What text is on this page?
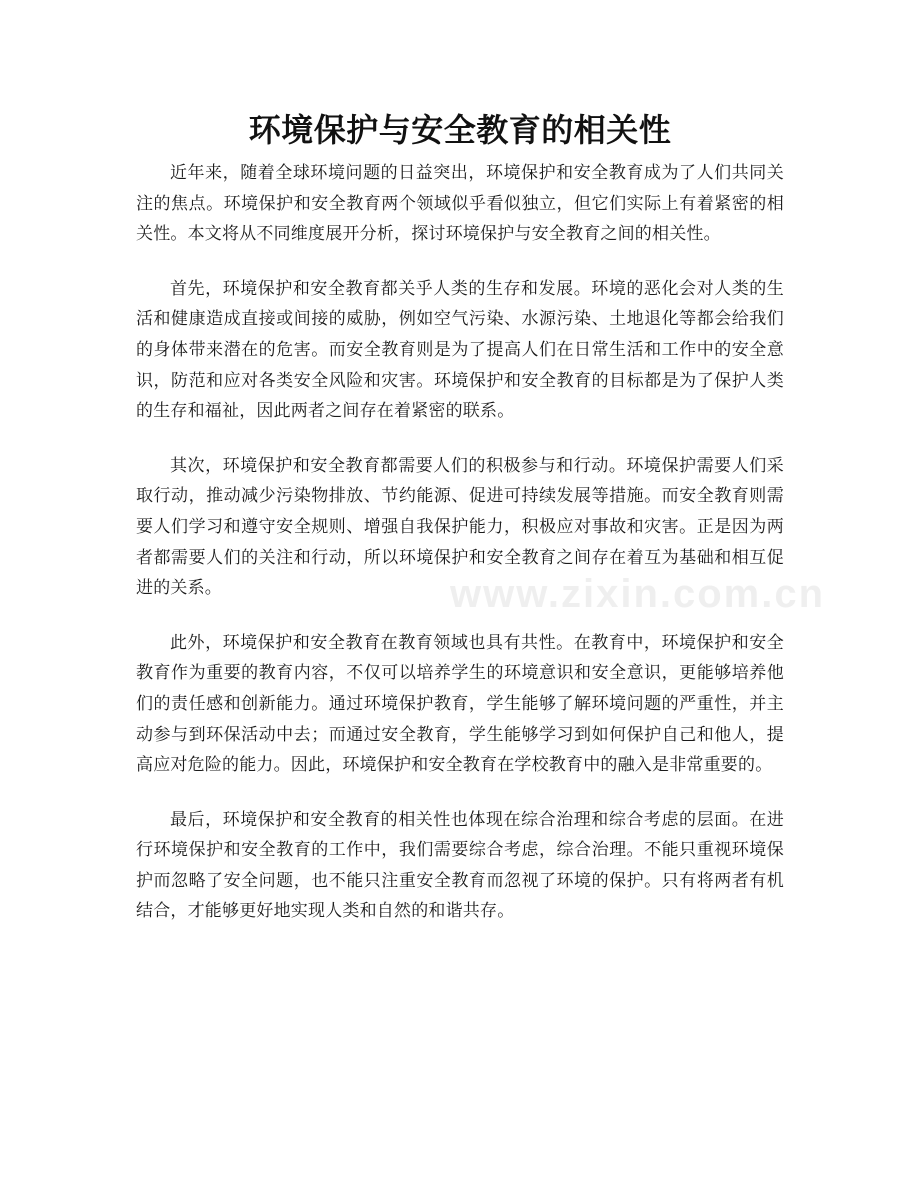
环境保护与安全教育的相关性

近年来，随着全球环境问题的日益突出，环境保护和安全教育成为了人们共同关注的焦点。环境保护和安全教育两个领域似乎看似独立，但它们实际上有着紧密的相关性。本文将从不同维度展开分析，探讨环境保护与安全教育之间的相关性。

首先，环境保护和安全教育都关乎人类的生存和发展。环境的恶化会对人类的生活和健康造成直接或间接的威胁，例如空气污染、水源污染、土地退化等都会给我们的身体带来潜在的危害。而安全教育则是为了提高人们在日常生活和工作中的安全意识，防范和应对各类安全风险和灾害。环境保护和安全教育的目标都是为了保护人类的生存和福祉，因此两者之间存在着紧密的联系。

其次，环境保护和安全教育都需要人们的积极参与和行动。环境保护需要人们采取行动，推动减少污染物排放、节约能源、促进可持续发展等措施。而安全教育则需要人们学习和遵守安全规则、增强自我保护能力，积极应对事故和灾害。正是因为两者都需要人们的关注和行动，所以环境保护和安全教育之间存在着互为基础和相互促进的关系。

此外，环境保护和安全教育在教育领域也具有共性。在教育中，环境保护和安全教育作为重要的教育内容，不仅可以培养学生的环境意识和安全意识，更能够培养他们的责任感和创新能力。通过环境保护教育，学生能够了解环境问题的严重性，并主动参与到环保活动中去；而通过安全教育，学生能够学习到如何保护自己和他人，提高应对危险的能力。因此，环境保护和安全教育在学校教育中的融入是非常重要的。

最后，环境保护和安全教育的相关性也体现在综合治理和综合考虑的层面。在进行环境保护和安全教育的工作中，我们需要综合考虑，综合治理。不能只重视环境保护而忽略了安全问题，也不能只注重安全教育而忽视了环境的保护。只有将两者有机结合，才能够更好地实现人类和自然的和谐共存。

www.zixin.com.cn
